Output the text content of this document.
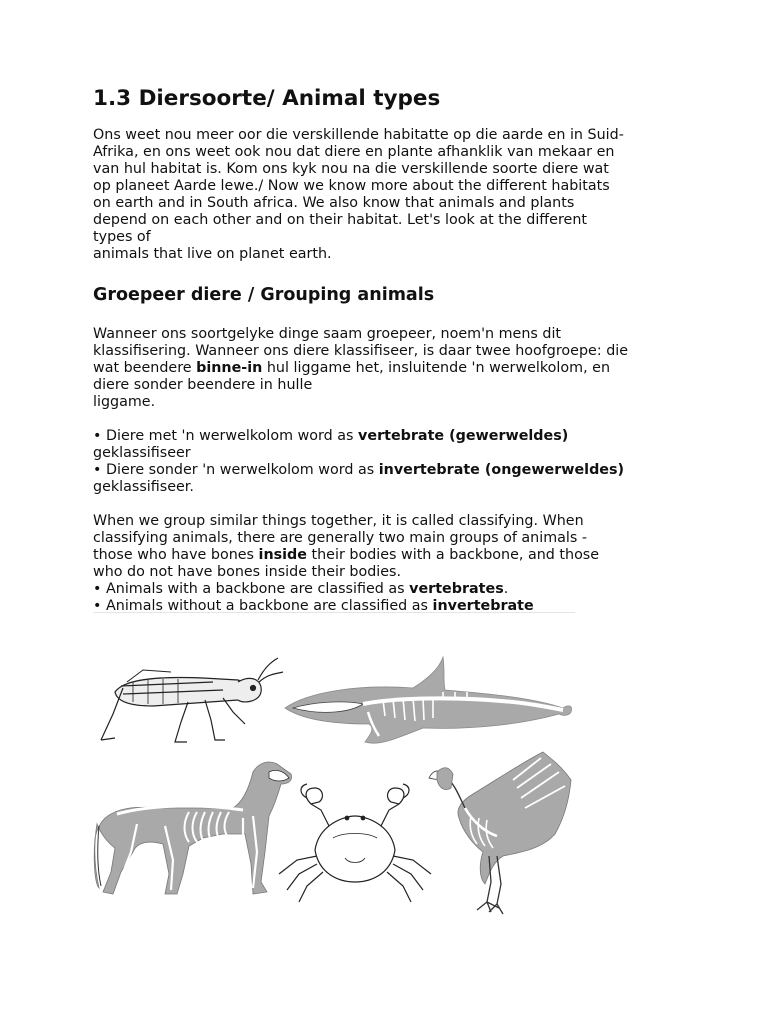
1.3 Diersoorte/ Animal types

Ons weet nou meer oor die verskillende habitatte op die aarde en in Suid-
Afrika, en ons weet ook nou dat diere en plante afhanklik van mekaar en
van hul habitat is. Kom ons kyk nou na die verskillende soorte diere wat
op planeet Aarde lewe./ Now we know more about the different habitats
on earth and in South africa. We also know that animals and plants
depend on each other and on their habitat. Let's look at the different
types of
animals that live on planet earth.

Groepeer diere / Grouping animals

Wanneer ons soortgelyke dinge saam groepeer, noem'n mens dit
klassifisering. Wanneer ons diere klassifiseer, is daar twee hoofgroepe: die
wat beendere binne-in hul liggame het, insluitende 'n werwelkolom, en
diere sonder beendere in hulle
liggame.

• Diere met 'n werwelkolom word as vertebrate (gewerweldes)
geklassifiseer
• Diere sonder 'n werwelkolom word as invertebrate (ongewerweldes)
geklassifiseer.

When we group similar things together, it is called classifying. When
classifying animals, there are generally two main groups of animals -
those who have bones inside their bodies with a backbone, and those
who do not have bones inside their bodies.
• Animals with a backbone are classified as vertebrates.
• Animals without a backbone are classified as invertebrate
